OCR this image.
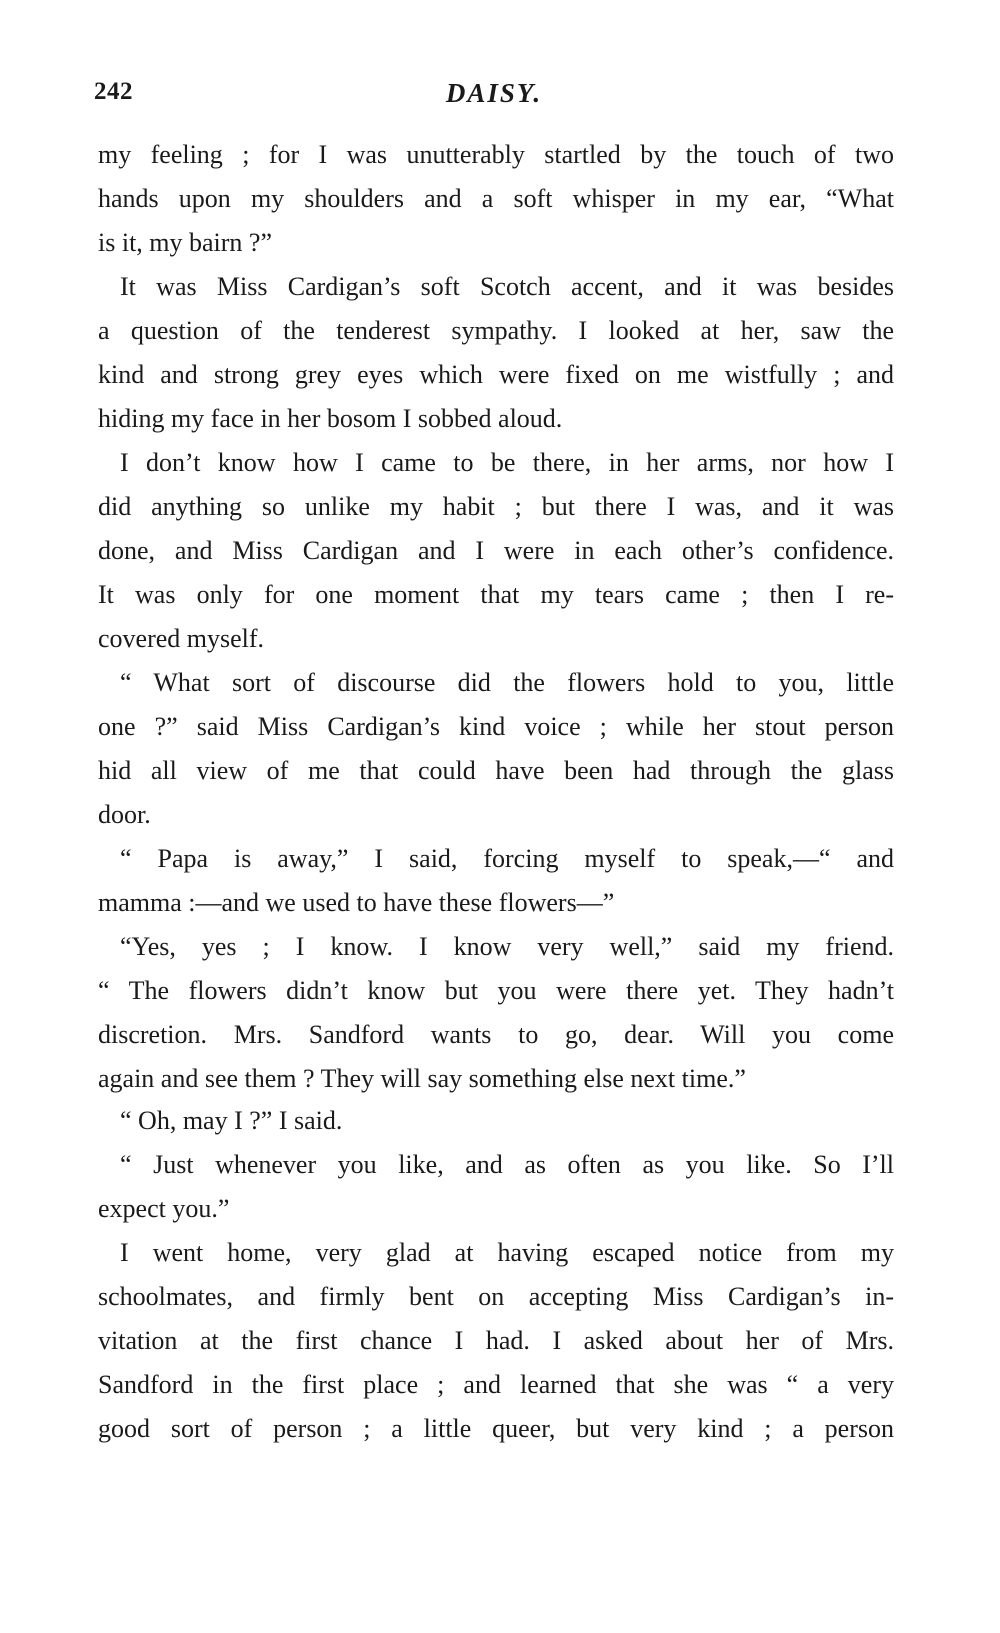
242	DAISY.
my feeling ; for I was unutterably startled by the touch of two
hands upon my shoulders and a soft whisper in my ear, “What
is it, my bairn ?”
It was Miss Cardigan’s soft Scotch accent, and it was besides
a question of the tenderest sympathy. I looked at her, saw the
kind and strong grey eyes which were fixed on me wistfully ; and
hiding my face in her bosom I sobbed aloud.
I don’t know how I came to be there, in her arms, nor how I
did anything so unlike my habit ; but there I was, and it was
done, and Miss Cardigan and I were in each other’s confidence.
It was only for one moment that my tears came ; then I re-
covered myself.
“ What sort of discourse did the flowers hold to you, little
one ?” said Miss Cardigan’s kind voice ; while her stout person
hid all view of me that could have been had through the glass
door.
“ Papa is away,” I said, forcing myself to speak,—“ and
mamma :—and we used to have these flowers—”
“Yes, yes ; I know. I know very well,” said my friend.
“ The flowers didn’t know but you were there yet. They hadn’t
discretion. Mrs. Sandford wants to go, dear. Will you come
again and see them ? They will say something else next time.”
“ Oh, may I ?” I said.
“ Just whenever you like, and as often as you like. So I’ll
expect you.”
I went home, very glad at having escaped notice from my
schoolmates, and firmly bent on accepting Miss Cardigan’s in-
vitation at the first chance I had. I asked about her of Mrs.
Sandford in the first place ; and learned that she was “ a very
good sort of person ; a little queer, but very kind ; a person
